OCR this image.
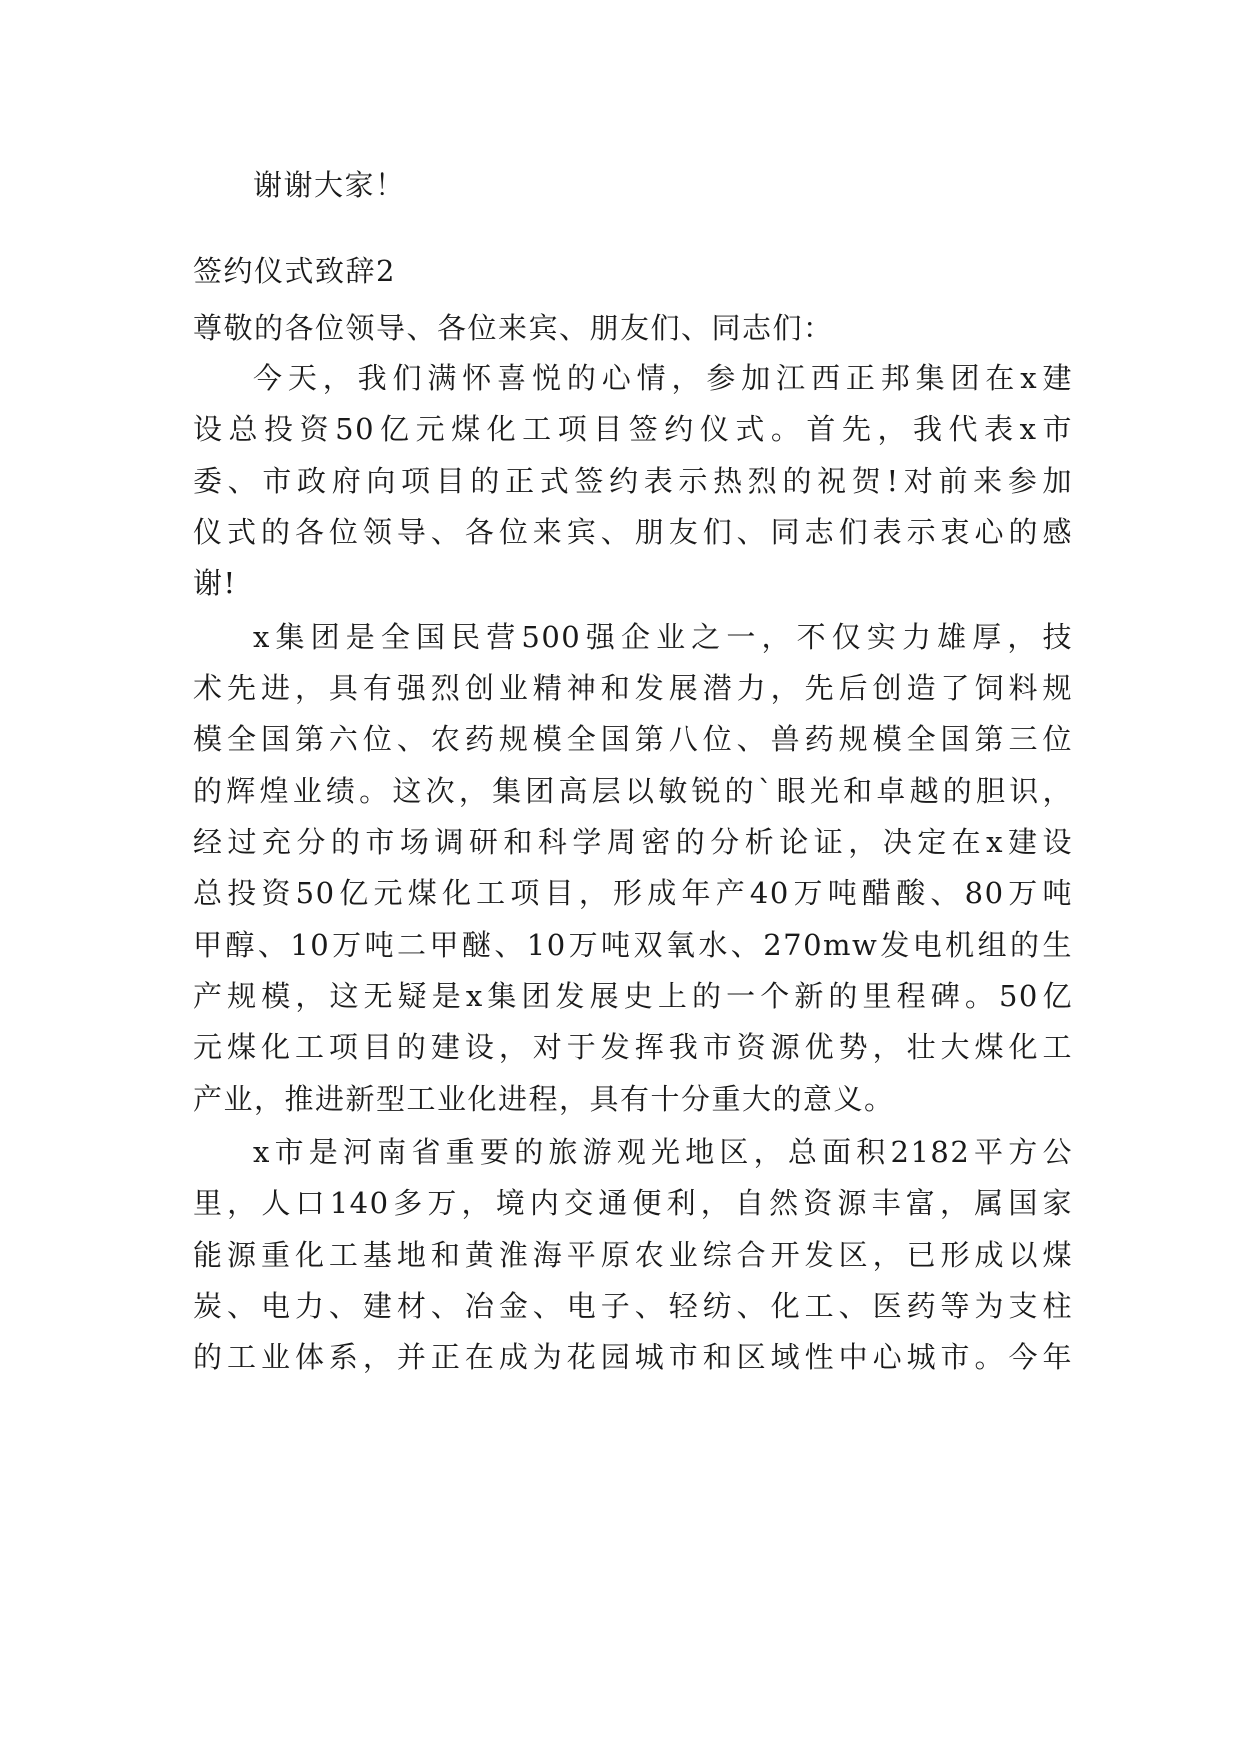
谢谢大家！
签约仪式致辞2
尊敬的各位领导、各位来宾、朋友们、同志们：
今天，我们满怀喜悦的心情，参加江西正邦集团在x建
设总投资50亿元煤化工项目签约仪式。首先，我代表x市
委、市政府向项目的正式签约表示热烈的祝贺!对前来参加
仪式的各位领导、各位来宾、朋友们、同志们表示衷心的感
谢!
x集团是全国民营500强企业之一，不仅实力雄厚，技
术先进，具有强烈创业精神和发展潜力，先后创造了饲料规
模全国第六位、农药规模全国第八位、兽药规模全国第三位
的辉煌业绩。这次，集团高层以敏锐的`眼光和卓越的胆识，
经过充分的市场调研和科学周密的分析论证，决定在x建设
总投资50亿元煤化工项目，形成年产40万吨醋酸、80万吨
甲醇、10万吨二甲醚、10万吨双氧水、270mw发电机组的生
产规模，这无疑是x集团发展史上的一个新的里程碑。50亿
元煤化工项目的建设，对于发挥我市资源优势，壮大煤化工
产业，推进新型工业化进程，具有十分重大的意义。
x市是河南省重要的旅游观光地区，总面积2182平方公
里，人口140多万，境内交通便利，自然资源丰富，属国家
能源重化工基地和黄淮海平原农业综合开发区，已形成以煤
炭、电力、建材、冶金、电子、轻纺、化工、医药等为支柱
的工业体系，并正在成为花园城市和区域性中心城市。今年
